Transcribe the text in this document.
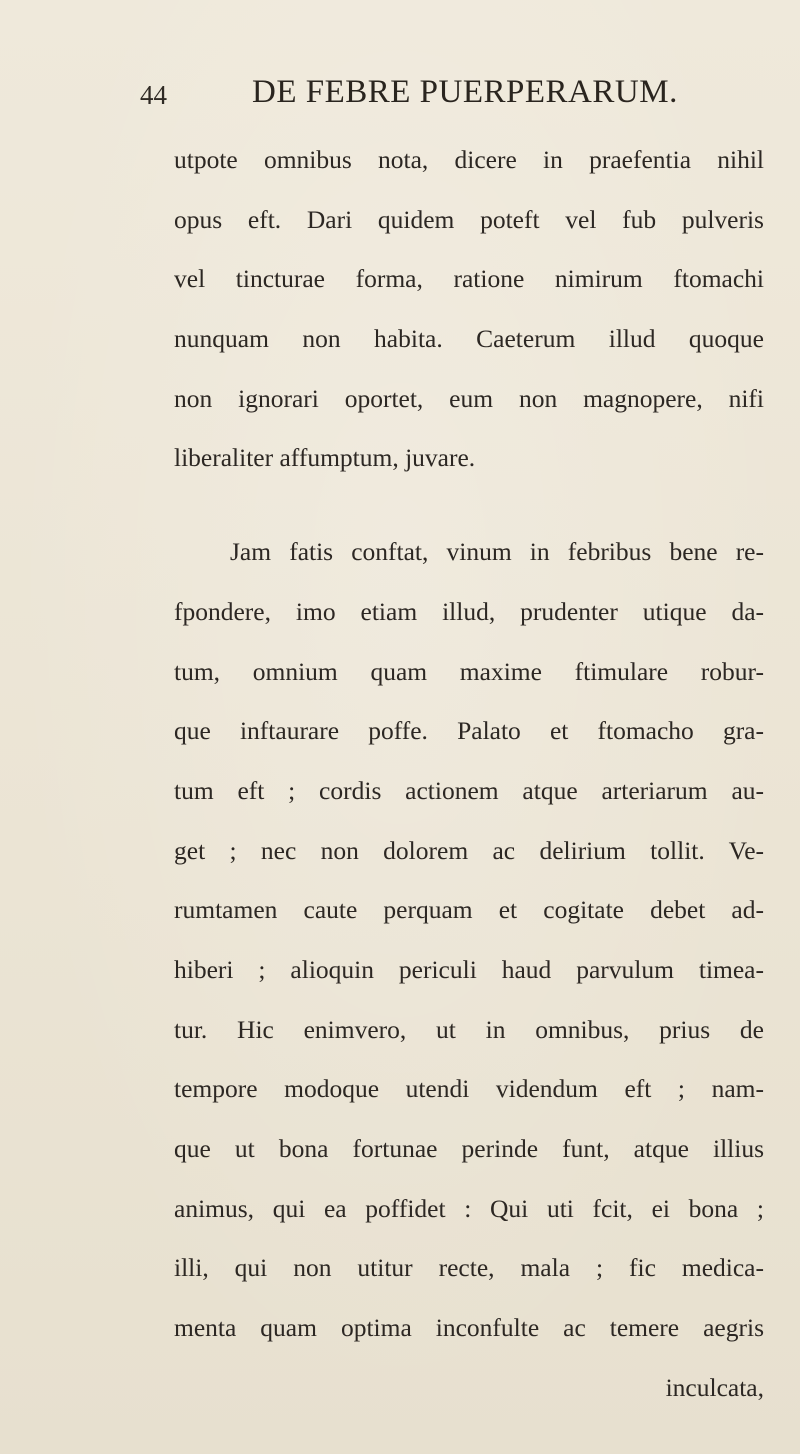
44	DE FEBRE PUERPERARUM.
utpote omnibus nota, dicere in praefentia nihil
opus eft. Dari quidem poteft vel fub pulveris
vel tincturae forma, ratione nimirum ftomachi
nunquam non habita. Caeterum illud quoque
non ignorari oportet, eum non magnopere, nifi
liberaliter affumptum, juvare.
Jam fatis conftat, vinum in febribus bene re-
fpondere, imo etiam illud, prudenter utique da-
tum, omnium quam maxime ftimulare robur-
que inftaurare poffe. Palato et ftomacho gra-
tum eft ; cordis actionem atque arteriarum au-
get ; nec non dolorem ac delirium tollit. Ve-
rumtamen caute perquam et cogitate debet ad-
hiberi ; alioquin periculi haud parvulum timea-
tur. Hic enimvero, ut in omnibus, prius de
tempore modoque utendi videndum eft ; nam-
que ut bona fortunae perinde funt, atque illius
animus, qui ea poffidet : Qui uti fcit, ei bona ;
illi, qui non utitur recte, mala ; fic medica-
menta quam optima inconfulte ac temere aegris
inculcata,
